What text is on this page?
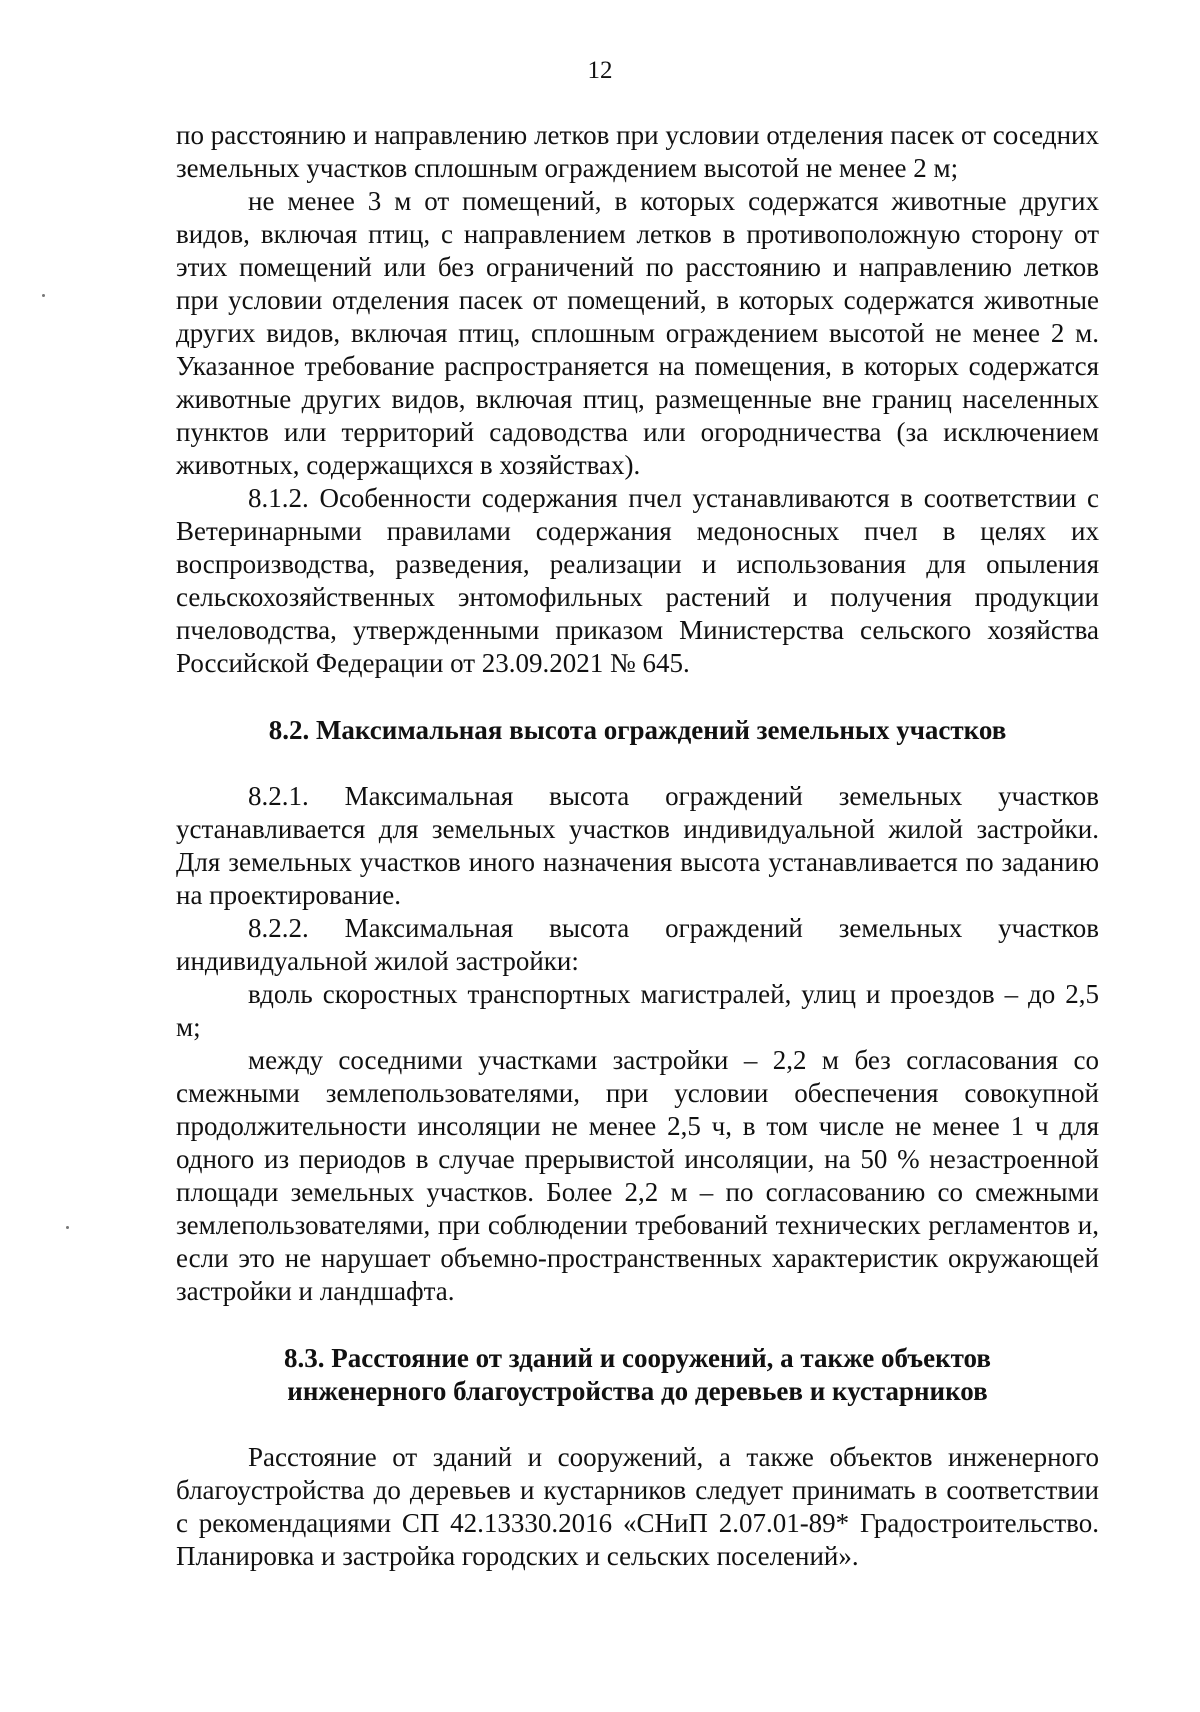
12

по расстоянию и направлению летков при условии отделения пасек от соседних земельных участков сплошным ограждением высотой не менее 2 м;

не менее 3 м от помещений, в которых содержатся животные других видов, включая птиц, с направлением летков в противоположную сторону от этих помещений или без ограничений по расстоянию и направлению летков при условии отделения пасек от помещений, в которых содержатся животные других видов, включая птиц, сплошным ограждением высотой не менее 2 м. Указанное требование распространяется на помещения, в которых содержатся животные других видов, включая птиц, размещенные вне границ населенных пунктов или территорий садоводства или огородничества (за исключением животных, содержащихся в хозяйствах).

8.1.2. Особенности содержания пчел устанавливаются в соответствии с Ветеринарными правилами содержания медоносных пчел в целях их воспроизводства, разведения, реализации и использования для опыления сельскохозяйственных энтомофильных растений и получения продукции пчеловодства, утвержденными приказом Министерства сельского хозяйства Российской Федерации от 23.09.2021 № 645.

8.2. Максимальная высота ограждений земельных участков

8.2.1. Максимальная высота ограждений земельных участков устанавливается для земельных участков индивидуальной жилой застройки. Для земельных участков иного назначения высота устанавливается по заданию на проектирование.

8.2.2. Максимальная высота ограждений земельных участков индивидуальной жилой застройки:

вдоль скоростных транспортных магистралей, улиц и проездов – до 2,5 м;

между соседними участками застройки – 2,2 м без согласования со смежными землепользователями, при условии обеспечения совокупной продолжительности инсоляции не менее 2,5 ч, в том числе не менее 1 ч для одного из периодов в случае прерывистой инсоляции, на 50 % незастроенной площади земельных участков. Более 2,2 м – по согласованию со смежными землепользователями, при соблюдении требований технических регламентов и, если это не нарушает объемно-пространственных характеристик окружающей застройки и ландшафта.

8.3. Расстояние от зданий и сооружений, а также объектов
инженерного благоустройства до деревьев и кустарников

Расстояние от зданий и сооружений, а также объектов инженерного благоустройства до деревьев и кустарников следует принимать в соответствии с рекомендациями СП 42.13330.2016 «СНиП 2.07.01-89* Градостроительство. Планировка и застройка городских и сельских поселений».
